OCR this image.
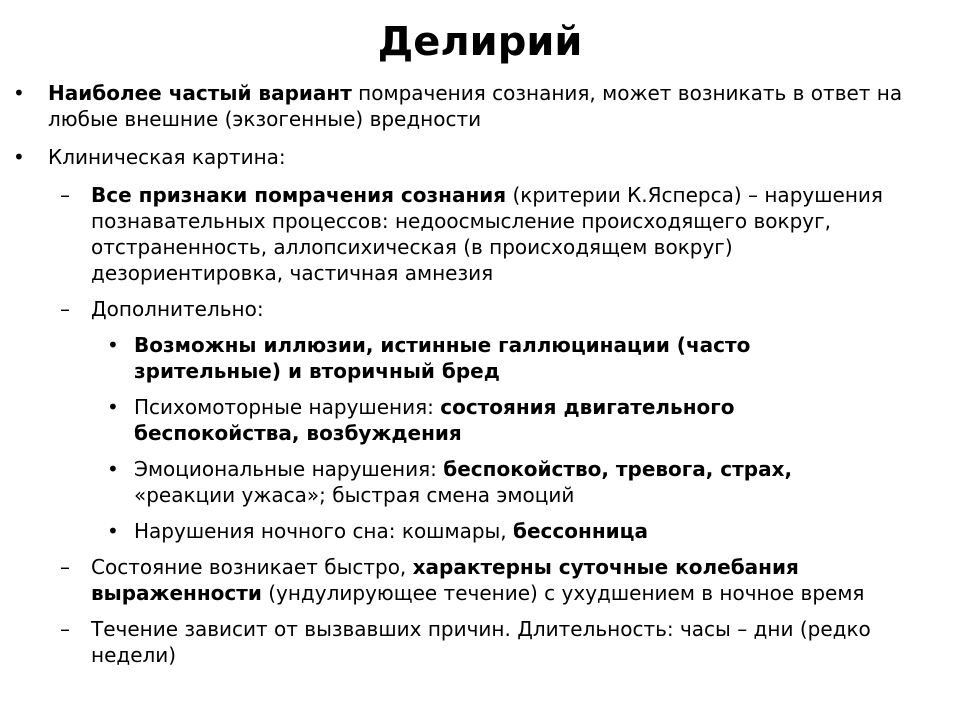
Делирий
• Наиболее частый вариант помрачения сознания, может возникать в ответ на любые внешние (экзогенные) вредности
• Клиническая картина:
– Все признаки помрачения сознания (критерии К.Ясперса) – нарушения познавательных процессов: недоосмысление происходящего вокруг, отстраненность, аллопсихическая (в происходящем вокруг) дезориентировка, частичная амнезия
– Дополнительно:
• Возможны иллюзии, истинные галлюцинации (часто зрительные) и вторичный бред
• Психомоторные нарушения: состояния двигательного беспокойства, возбуждения
• Эмоциональные нарушения: беспокойство, тревога, страх, «реакции ужаса»; быстрая смена эмоций
• Нарушения ночного сна: кошмары, бессонница
– Состояние возникает быстро, характерны суточные колебания выраженности (ундулирующее течение) с ухудшением в ночное время
– Течение зависит от вызвавших причин. Длительность: часы – дни (редко недели)
